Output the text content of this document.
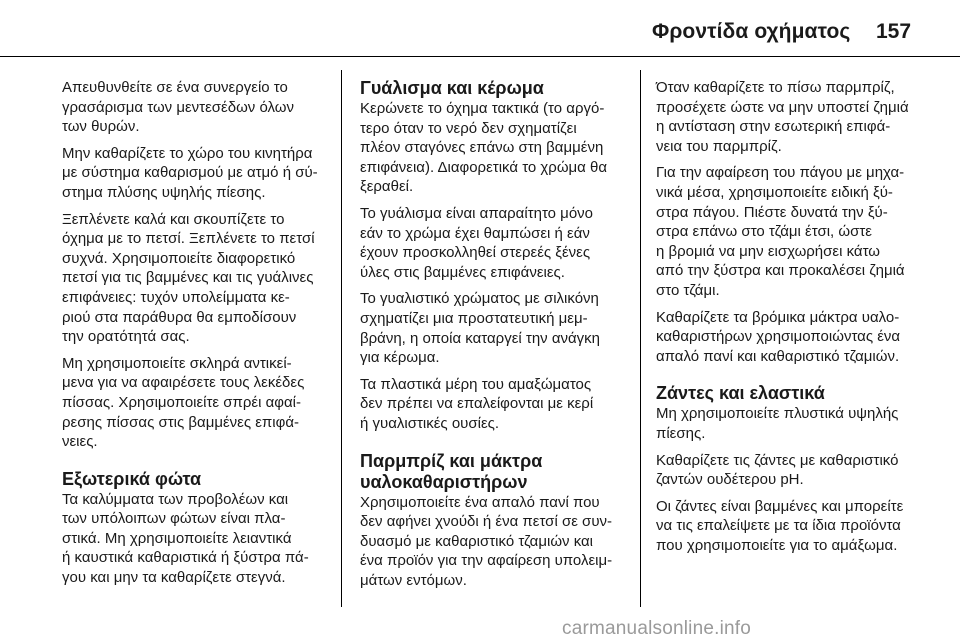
Φροντίδα οχήματος 157

Απευθυνθείτε σε ένα συνεργείο το
γρασάρισμα των μεντεσέδων όλων
των θυρών.

Μην καθαρίζετε το χώρο του κινητήρα
με σύστημα καθαρισμού με ατμό ή σύ-
στημα πλύσης υψηλής πίεσης.

Ξεπλένετε καλά και σκουπίζετε το
όχημα με το πετσί. Ξεπλένετε το πετσί
συχνά. Χρησιμοποιείτε διαφορετικό
πετσί για τις βαμμένες και τις γυάλινες
επιφάνειες: τυχόν υπολείμματα κε-
ριού στα παράθυρα θα εμποδίσουν
την ορατότητά σας.

Μη χρησιμοποιείτε σκληρά αντικεί-
μενα για να αφαιρέσετε τους λεκέδες
πίσσας. Χρησιμοποιείτε σπρέι αφαί-
ρεσης πίσσας στις βαμμένες επιφά-
νειες.

Εξωτερικά φώτα

Τα καλύμματα των προβολέων και
των υπόλοιπων φώτων είναι πλα-
στικά. Μη χρησιμοποιείτε λειαντικά
ή καυστικά καθαριστικά ή ξύστρα πά-
γου και μην τα καθαρίζετε στεγνά.

Γυάλισμα και κέρωμα

Κερώνετε το όχημα τακτικά (το αργό-
τερο όταν το νερό δεν σχηματίζει
πλέον σταγόνες επάνω στη βαμμένη
επιφάνεια). Διαφορετικά το χρώμα θα
ξεραθεί.

Το γυάλισμα είναι απαραίτητο μόνο
εάν το χρώμα έχει θαμπώσει ή εάν
έχουν προσκολληθεί στερεές ξένες
ύλες στις βαμμένες επιφάνειες.

Το γυαλιστικό χρώματος με σιλικόνη
σχηματίζει μια προστατευτική μεμ-
βράνη, η οποία καταργεί την ανάγκη
για κέρωμα.

Τα πλαστικά μέρη του αμαξώματος
δεν πρέπει να επαλείφονται με κερί
ή γυαλιστικές ουσίες.

Παρμπρίζ και μάκτρα
υαλοκαθαριστήρων

Χρησιμοποιείτε ένα απαλό πανί που
δεν αφήνει χνούδι ή ένα πετσί σε συν-
δυασμό με καθαριστικό τζαμιών και
ένα προϊόν για την αφαίρεση υπολειμ-
μάτων εντόμων.

Όταν καθαρίζετε το πίσω παρμπρίζ,
προσέχετε ώστε να μην υποστεί ζημιά
η αντίσταση στην εσωτερική επιφά-
νεια του παρμπρίζ.

Για την αφαίρεση του πάγου με μηχα-
νικά μέσα, χρησιμοποιείτε ειδική ξύ-
στρα πάγου. Πιέστε δυνατά την ξύ-
στρα επάνω στο τζάμι έτσι, ώστε
η βρομιά να μην εισχωρήσει κάτω
από την ξύστρα και προκαλέσει ζημιά
στο τζάμι.

Καθαρίζετε τα βρόμικα μάκτρα υαλο-
καθαριστήρων χρησιμοποιώντας ένα
απαλό πανί και καθαριστικό τζαμιών.

Ζάντες και ελαστικά

Μη χρησιμοποιείτε πλυστικά υψηλής
πίεσης.

Καθαρίζετε τις ζάντες με καθαριστικό
ζαντών ουδέτερου pH.

Οι ζάντες είναι βαμμένες και μπορείτε
να τις επαλείψετε με τα ίδια προϊόντα
που χρησιμοποιείτε για το αμάξωμα.

carmanualsonline.info
